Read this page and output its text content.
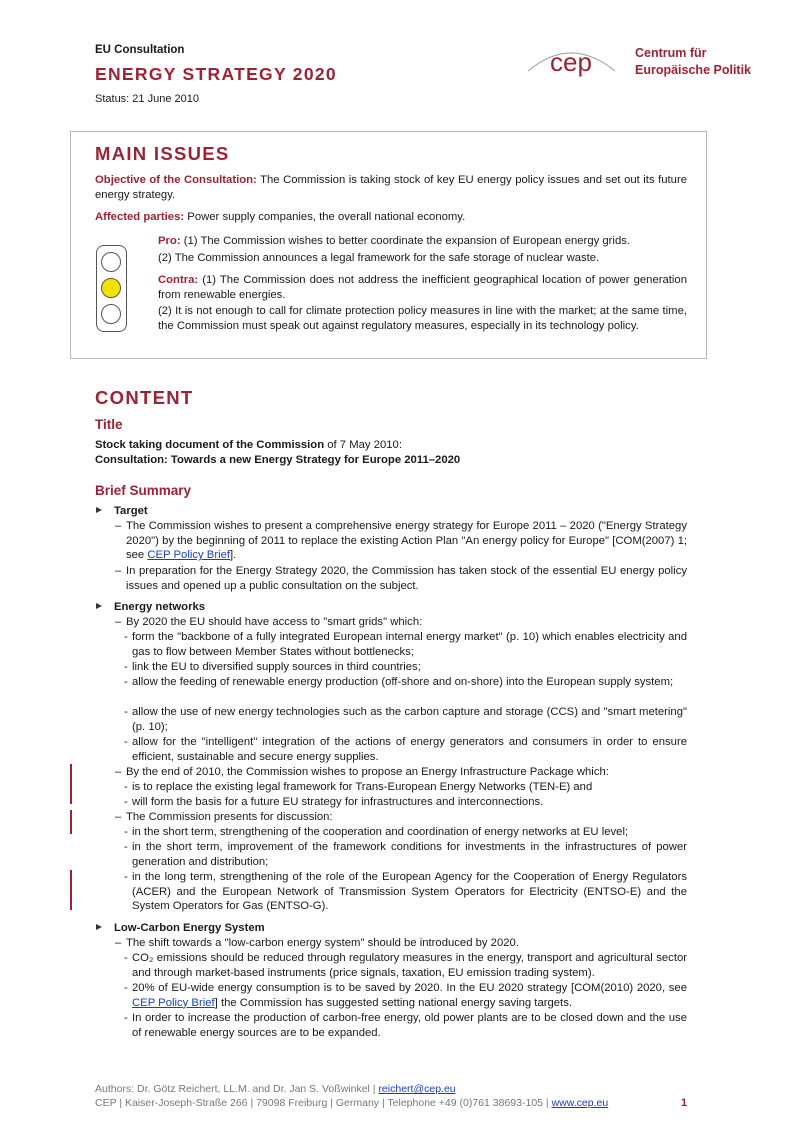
EU Consultation
ENERGY STRATEGY 2020
Status: 21 June 2010
cep	Centrum für
Europäische Politik
MAIN ISSUES
Objective of the Consultation: The Commission is taking stock of key EU energy policy issues and set out its future energy strategy.
Affected parties: Power supply companies, the overall national economy.
Pro: (1) The Commission wishes to better coordinate the expansion of European energy grids.
(2) The Commission announces a legal framework for the safe storage of nuclear waste.
Contra: (1) The Commission does not address the inefficient geographical location of power generation from renewable energies.
(2) It is not enough to call for climate protection policy measures in line with the market; at the same time, the Commission must speak out against regulatory measures, especially in its technology policy.
CONTENT
Title
Stock taking document of the Commission of 7 May 2010:
Consultation: Towards a new Energy Strategy for Europe 2011–2020
Brief Summary
Target
– The Commission wishes to present a comprehensive energy strategy for Europe 2011 – 2020 ("Energy Strategy 2020") by the beginning of 2011 to replace the existing Action Plan "An energy policy for Europe" [COM(2007) 1; see CEP Policy Brief].
– In preparation for the Energy Strategy 2020, the Commission has taken stock of the essential EU energy policy issues and opened up a public consultation on the subject.
Energy networks
– By 2020 the EU should have access to "smart grids" which:
- form the "backbone of a fully integrated European internal energy market" (p. 10) which enables electricity and gas to flow between Member States without bottlenecks;
- link the EU to diversified supply sources in third countries;
- allow the feeding of renewable energy production (off-shore and on-shore) into the European supply system;
- allow the use of new energy technologies such as the carbon capture and storage (CCS) and "smart metering" (p. 10);
- allow for the "intelligent" integration of the actions of energy generators and consumers in order to ensure efficient, sustainable and secure energy supplies.
– By the end of 2010, the Commission wishes to propose an Energy Infrastructure Package which:
- is to replace the existing legal framework for Trans-European Energy Networks (TEN-E) and
- will form the basis for a future EU strategy for infrastructures and interconnections.
– The Commission presents for discussion:
- in the short term, strengthening of the cooperation and coordination of energy networks at EU level;
- in the short term, improvement of the framework conditions for investments in the infrastructures of power generation and distribution;
- in the long term, strengthening of the role of the European Agency for the Cooperation of Energy Regulators (ACER) and the European Network of Transmission System Operators for Electricity (ENTSO-E) and the System Operators for Gas (ENTSO-G).
Low-Carbon Energy System
– The shift towards a "low-carbon energy system" should be introduced by 2020.
- CO₂ emissions should be reduced through regulatory measures in the energy, transport and agricultural sector and through market-based instruments (price signals, taxation, EU emission trading system).
- 20% of EU-wide energy consumption is to be saved by 2020. In the EU 2020 strategy [COM(2010) 2020, see CEP Policy Brief] the Commission has suggested setting national energy saving targets.
- In order to increase the production of carbon-free energy, old power plants are to be closed down and the use of renewable energy sources are to be expanded.
Authors: Dr. Götz Reichert, LL.M. and Dr. Jan S. Voßwinkel | reichert@cep.eu
CEP | Kaiser-Joseph-Straße 266 | 79098 Freiburg | Germany | Telephone +49 (0)761 38693-105 | www.cep.eu	1
